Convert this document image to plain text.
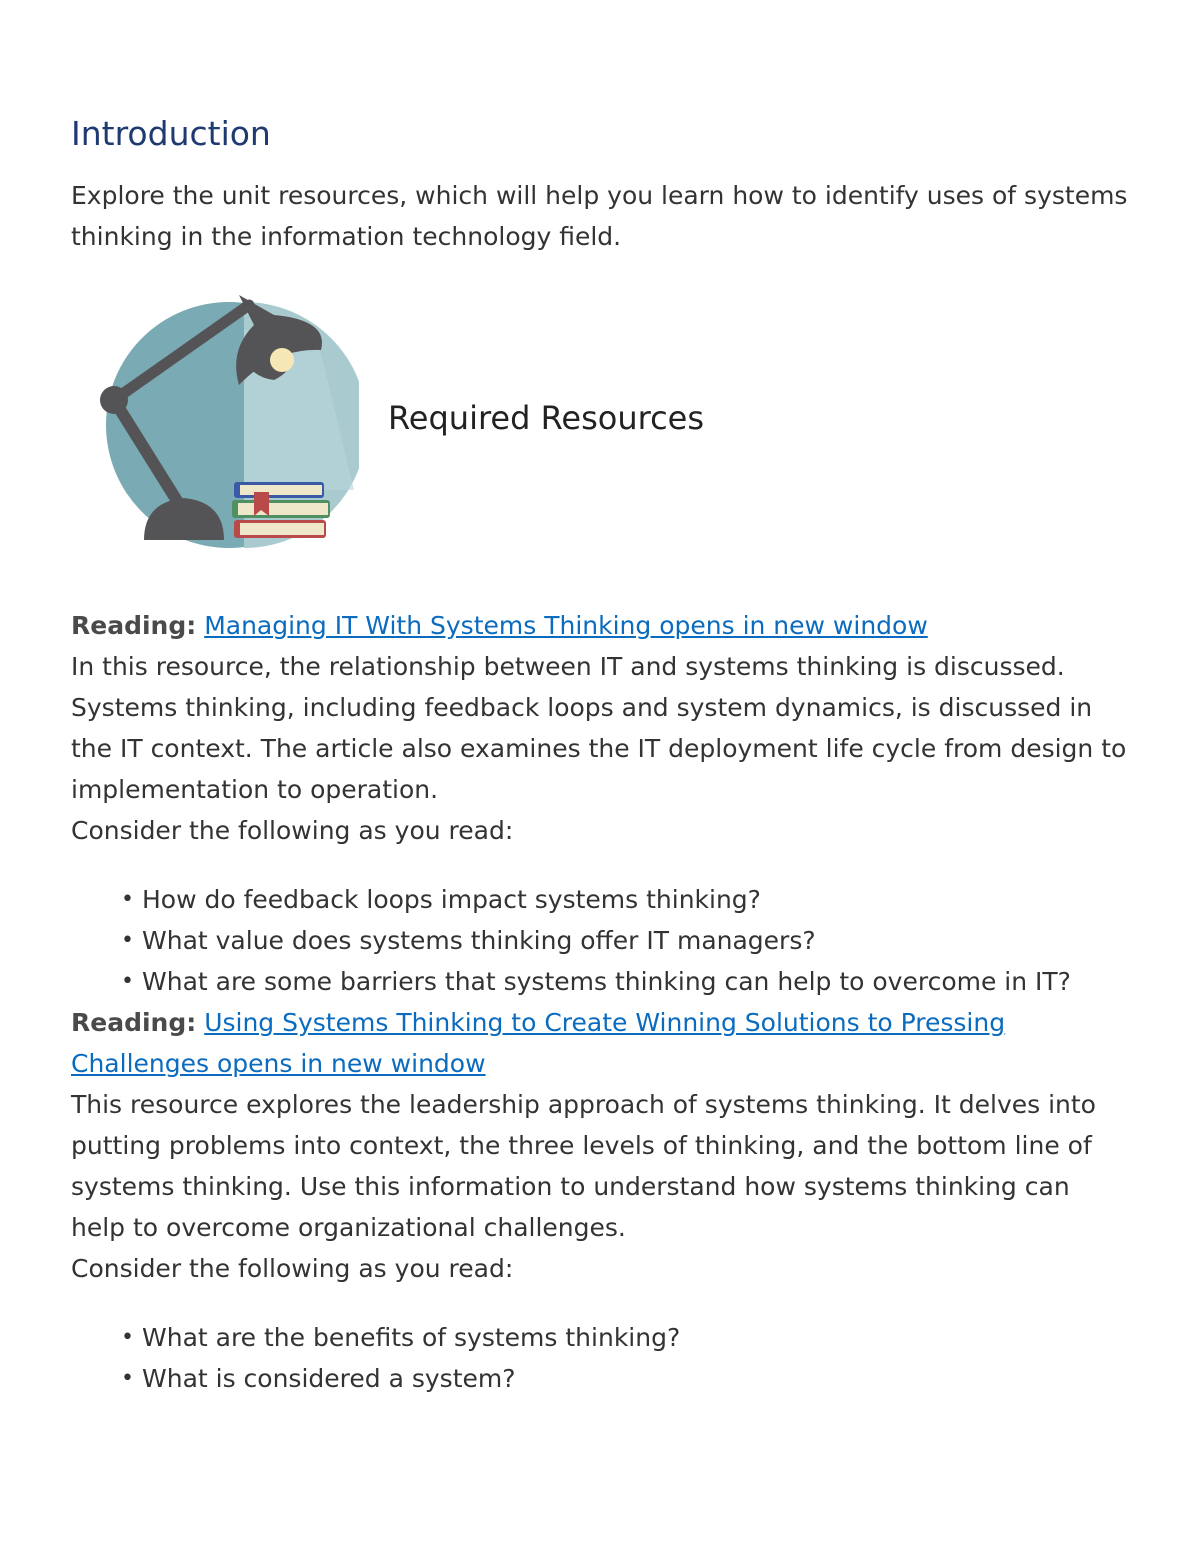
Introduction

Explore the unit resources, which will help you learn how to identify uses of systems thinking in the information technology field.

Required Resources

Reading: Managing IT With Systems Thinking opens in new window

In this resource, the relationship between IT and systems thinking is discussed. Systems thinking, including feedback loops and system dynamics, is discussed in the IT context. The article also examines the IT deployment life cycle from design to implementation to operation.

Consider the following as you read:

• How do feedback loops impact systems thinking?
• What value does systems thinking offer IT managers?
• What are some barriers that systems thinking can help to overcome in IT?

Reading: Using Systems Thinking to Create Winning Solutions to Pressing Challenges opens in new window

This resource explores the leadership approach of systems thinking. It delves into putting problems into context, the three levels of thinking, and the bottom line of systems thinking. Use this information to understand how systems thinking can help to overcome organizational challenges.

Consider the following as you read:

• What are the benefits of systems thinking?
• What is considered a system?
